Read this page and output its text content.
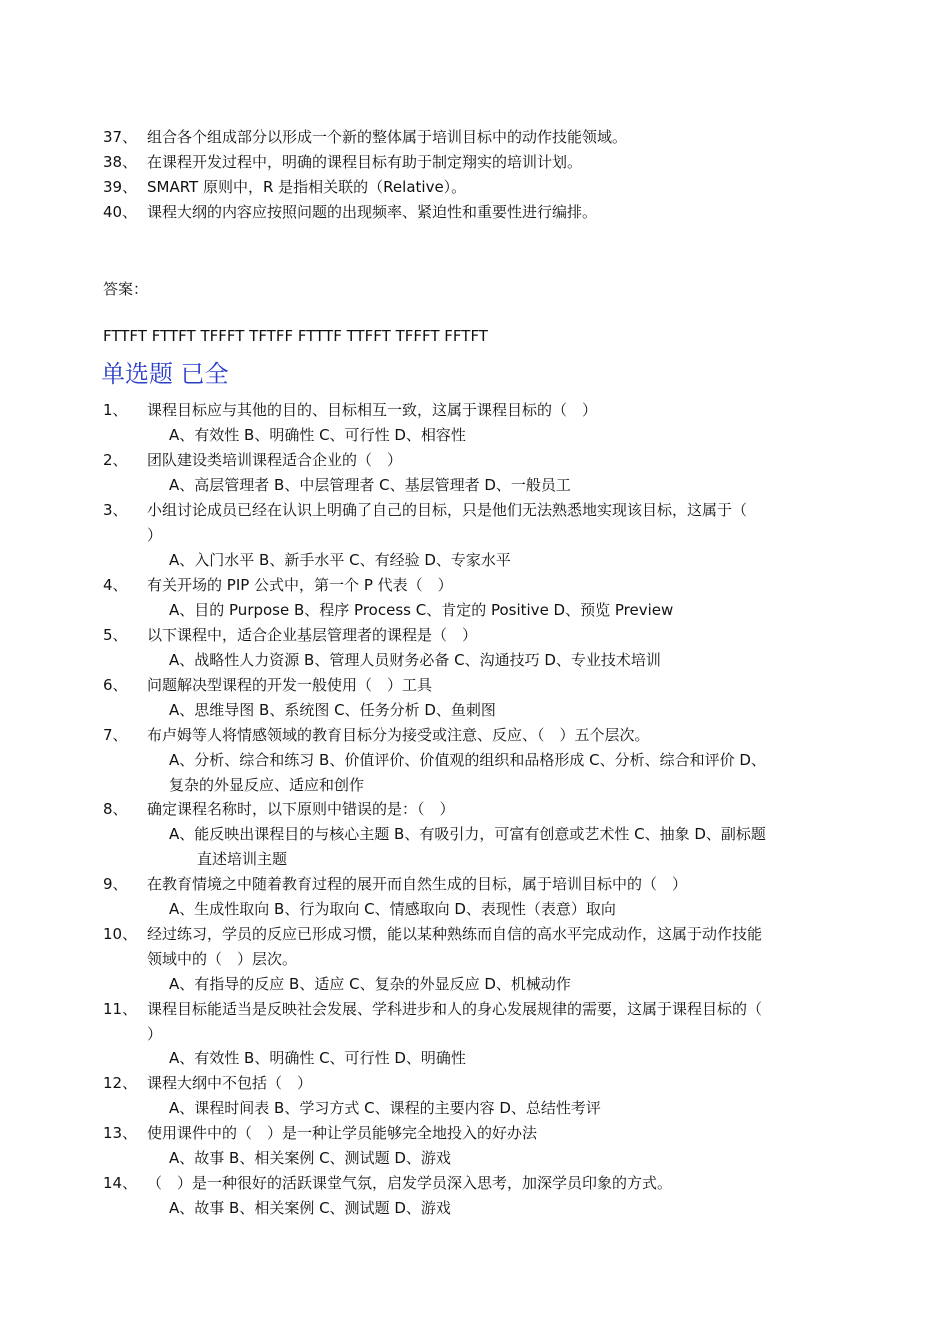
37、 组合各个组成部分以形成一个新的整体属于培训目标中的动作技能领域。
38、 在课程开发过程中，明确的课程目标有助于制定翔实的培训计划。
39、 SMART 原则中，R 是指相关联的（Relative）。
40、 课程大纲的内容应按照问题的出现频率、紧迫性和重要性进行编排。
答案：
FTTFT FTTFT TFFFT TFTFF FTTTF TTFFT TFFFT FFTFT
单选题 已全
1、	课程目标应与其他的目的、目标相互一致，这属于课程目标的（　）
A、有效性 B、明确性 C、可行性 D、相容性
2、	团队建设类培训课程适合企业的（　）
A、高层管理者 B、中层管理者 C、基层管理者 D、一般员工
3、	小组讨论成员已经在认识上明确了自己的目标，只是他们无法熟悉地实现该目标，这属于（
）
A、入门水平 B、新手水平 C、有经验 D、专家水平
4、	有关开场的 PIP 公式中，第一个 P 代表（　）
A、目的 Purpose B、程序 Process C、肯定的 Positive D、预览 Preview
5、	以下课程中，适合企业基层管理者的课程是（　）
A、战略性人力资源 B、管理人员财务必备 C、沟通技巧 D、专业技术培训
6、	问题解决型课程的开发一般使用（　）工具
A、思维导图 B、系统图 C、任务分析 D、鱼刺图
7、	布卢姆等人将情感领域的教育目标分为接受或注意、反应、（　）五个层次。
A、分析、综合和练习 B、价值评价、价值观的组织和品格形成 C、分析、综合和评价 D、
复杂的外显反应、适应和创作
8、	确定课程名称时，以下原则中错误的是：（　）
A、能反映出课程目的与核心主题 B、有吸引力，可富有创意或艺术性 C、抽象 D、副标题
直述培训主题
9、	在教育情境之中随着教育过程的展开而自然生成的目标，属于培训目标中的（　）
A、生成性取向 B、行为取向 C、情感取向 D、表现性（表意）取向
10、 经过练习，学员的反应已形成习惯，能以某种熟练而自信的高水平完成动作，这属于动作技能
领域中的（　）层次。
A、有指导的反应 B、适应 C、复杂的外显反应 D、机械动作
11、 课程目标能适当是反映社会发展、学科进步和人的身心发展规律的需要，这属于课程目标的（
）
A、有效性 B、明确性 C、可行性 D、明确性
12、 课程大纲中不包括（　）
A、课程时间表 B、学习方式 C、课程的主要内容 D、总结性考评
13、 使用课件中的（　）是一种让学员能够完全地投入的好办法
A、故事 B、相关案例 C、测试题 D、游戏
14、 （　）是一种很好的活跃课堂气氛，启发学员深入思考，加深学员印象的方式。
A、故事 B、相关案例 C、测试题 D、游戏
